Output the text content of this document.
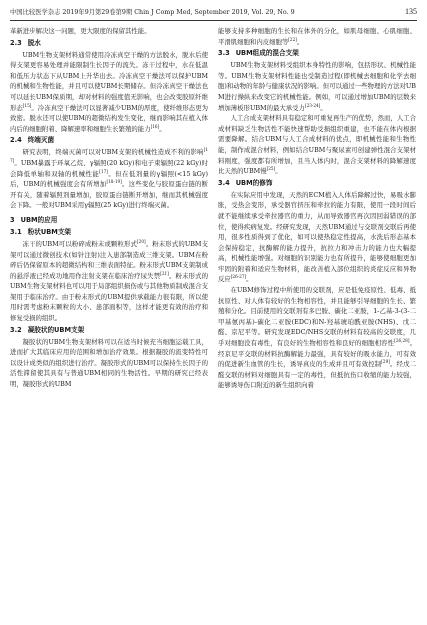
中国比较医学杂志 2019年9月第29卷第9期 Chin J Comp Med, September 2019, Vol. 29, No. 9	135

革新进步解决这一问题，更大限度的保留其性能。

2.3 脱水

UBM生物支架材料通常使用冷冻真空干燥的方法脱水，脱水后使得支架更容易处理并能限制生长因子的流失。冻干过程中，水在低温和低压力状态下从UBM上升华出去。冷冻真空干燥法可以保护UBM的机械和生物性能，并且可以使UBM长期储存。但冷冻真空干燥法也可以延长UBM保质期，却对材料的强度值无影响，也会改变胶原纤维形态[15]。冷冻真空干燥法可以显著减少UBM的厚度，使纤维形态更为致密。脱水还可以使UBM的超微结构发生变化，继而影响其在植入体内后的细胞附着、降解速率和细胞生长繁殖的能力[16]。

2.4 终端灭菌

研究表明，终端灭菌可以对UBM支架的机械性造成不利的影响[17]。UBM暴露于环氧乙烷、γ辐照(20 kGy)和电子束辐照(22 kGy)时会降低单轴和双轴的机械性能[17]。但在低剂量的γ辐照(<15 kGy)后，UBM的机械强度会有所增加[18-19]。这些变化与胶原蛋白链的断开有关，随着辐照剂量增加，胶原蛋白链断开增加，继而其机械强度会下降。一般对UBM采用γ辐照(25 kGy)进行终端灭菌。

3 UBM的应用
3.1 粉状UBM支架

冻干的UBM可以粉碎成粉末或颗粒形式[20]。粉末形式的UBM支架可以通过微创技术(如针注射)注入患部制造成三维支架。UBM在粉碎后仍保留原本的超微结构和三维表面特征。粉末形式UBM支架制成的悬浮液已经成功地用作注射支架在临床治疗尿失禁[21]。粉末形式的UBM生物支架材料也可以用于局部组织损伤或与其他物质制成混合支架用于临床治疗。由于粉末形式的UBM提供承载能力很有限，所以使用时需考虑粉末颗粒的大小、患部面积等，这样才能更有效的治疗和修复受损的组织。

3.2 凝胶状的UBM支架

凝胶状的UBM生物支架材料可以在适当时候充当细胞运载工具，进而扩大其临床应用的范围和增加治疗效果。根据凝胶的流变特性可以设计成类似的组织进行治疗。凝胶形式的UBM可以保持生长因子的活性滞留使其具有与普通UBM相同的生物活性。早期的研究已经表明，凝胶形式的UBM

能够支持多种细胞的生长和在体外的分化，如肌母细胞、心肌细胞、平滑肌细胞和内皮细胞等[22]。

3.3 UBM组成的混合支架

UBM生物支架材料受组织本身特性的影响，包括形状、机械性能等。UBM生物支架材料性能也受制造过程(即机械去细胞和化学去细胞)和动物的年龄与健康状况的影响。但可以通过一些物理的方法对UBM进行操纵来改变它的机械性能。例如，可以通过增加UBM的层数来增加薄板形UBM的最大承受力[23-24]。

人工合成支架材料具有稳定和可重复再生产的优势，然而，人工合成材料缺乏生物活性不能快速帮助受损组织重建，也不能在体内根据需要降解。结合UBM与人工合成材料的优点，即机械性能和生物性能，制作成混合材料，例如结合UBM与聚尿素可创建弹性混合支架材料刚度，强度都有所增加，且当人体内时，混合支架材料的降解速度比天然的UBM慢[25]。

3.4 UBM的修饰

在实际应用中发现，天然的ECM植入人体后降解过快，易吸水膨胀，受热会变形，承受器官挤压和牵拉的能力有限，使用一段时间后就不能继续承受牵拉器官的重力，从而导致器官再次因回弱错误的部位，使得疾病复发。经研究发现，天然UBM通过与交联剂交联后再使用，很多性质得到了优化，如可以使热稳定性提高，水洗后形态基本会保持稳定，抗酶解的能力提升，抗拉力和冲击力的能力也大幅提高，机械性能增强。对细胞的识别能力也有所提升，能够使细胞更加牢固的附着和适应生物材料，能改善植入部位组织的炎症反应和异物反应[26-27]。

在UBM修饰过程中所使用的交联剂，应是低免疫原性、低毒、抵抗原性、对人体有较好的生物相容性，并且能够引导细胞的生长、繁殖和分化。目前使用的交联剂有多巴胺、碳化二亚胺，1-乙基-3-(3-二甲基氨丙基)-碳化二亚胺(EDC)和N-羟基琥珀酰亚胺(NHS)、戊二醛、京尼平等。研究发现EDC/NHS交联的材料有较高的交联度，几乎对细胞没有毒性，有良好的生物相容性和良好的细胞相容性[26,28]。经京尼平交联的材料抗酶解能力最强，具有较好的吸水能力，可有效的促进新生血管的生长，诱导真皮的生成并且可有效控制[29]。经戊二醛交联的材料对细胞具有一定的毒性，但抵抗伤口收缩的能力较强，能够诱导伤口附近的新生组织向着
